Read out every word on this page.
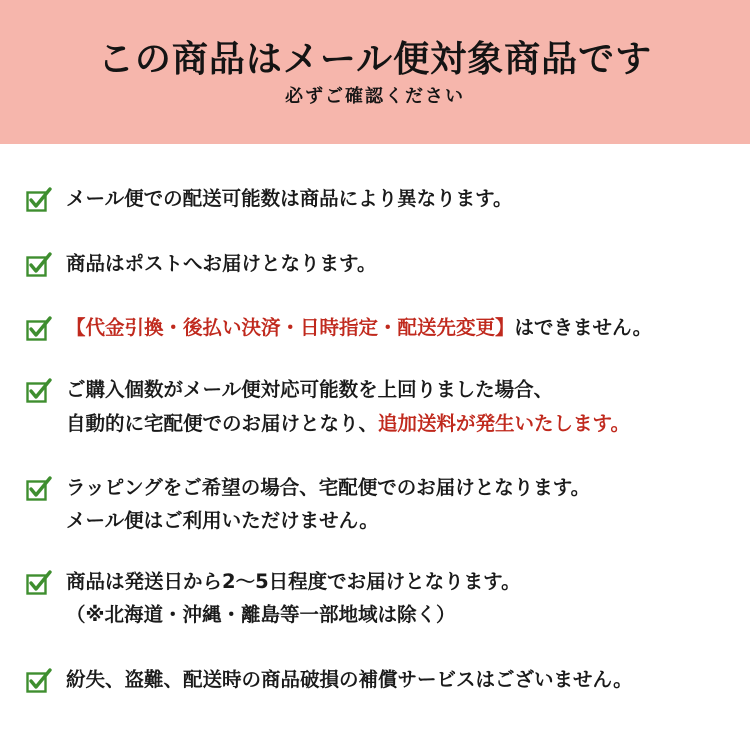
この商品はメール便対象商品です
必ずご確認ください
メール便での配送可能数は商品により異なります。
商品はポストへお届けとなります。
【代金引換・後払い決済・日時指定・配送先変更】はできません。
ご購入個数がメール便対応可能数を上回りました場合、
自動的に宅配便でのお届けとなり、追加送料が発生いたします。
ラッピングをご希望の場合、宅配便でのお届けとなります。
メール便はご利用いただけません。
商品は発送日から2～5日程度でお届けとなります。
（※北海道・沖縄・離島等一部地域は除く）
紛失、盗難、配送時の商品破損の補償サービスはございません。
